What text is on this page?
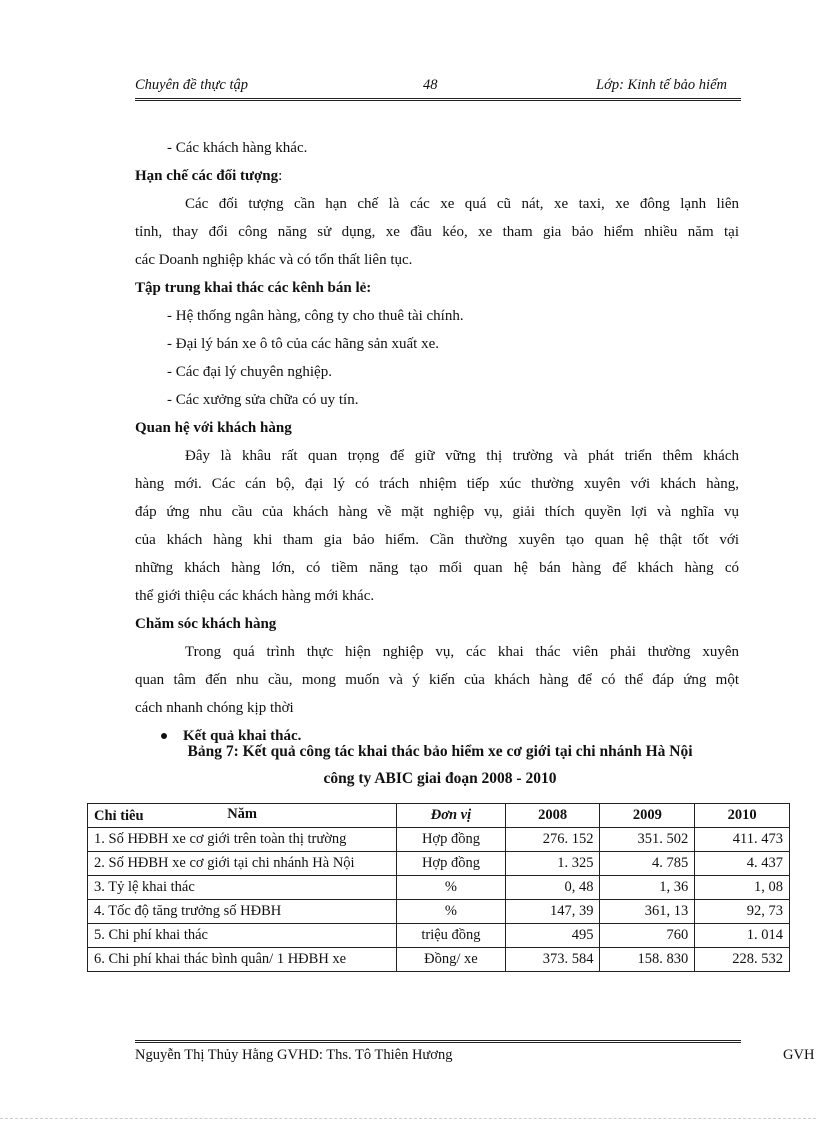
Chuyên đề thực tập	48	Lớp: Kinh tế bảo hiểm
- Các khách hàng khác.
Hạn chế các đối tượng:
Các đối tượng cần hạn chế là các xe quá cũ nát, xe taxi, xe đông lạnh liên
tỉnh, thay đổi công năng sử dụng, xe đầu kéo, xe tham gia bảo hiểm nhiều năm tại
các Doanh nghiệp khác và có tổn thất liên tục.
Tập trung khai thác các kênh bán lẻ:
- Hệ thống ngân hàng, công ty cho thuê tài chính.
- Đại lý bán xe ô tô của các hãng sản xuất xe.
- Các đại lý chuyên nghiệp.
- Các xưởng sửa chữa có uy tín.
Quan hệ với khách hàng
Đây là khâu rất quan trọng để giữ vững thị trường và phát triển thêm khách
hàng mới. Các cán bộ, đại lý có trách nhiệm tiếp xúc thường xuyên với khách hàng,
đáp ứng nhu cầu của khách hàng về mặt nghiệp vụ, giải thích quyền lợi và nghĩa vụ
của khách hàng khi tham gia bảo hiểm. Cần thường xuyên tạo quan hệ thật tốt với
những khách hàng lớn, có tiềm năng tạo mối quan hệ bán hàng để khách hàng có
thể giới thiệu các khách hàng mới khác.
Chăm sóc khách hàng
Trong quá trình thực hiện nghiệp vụ, các khai thác viên phải thường xuyên
quan tâm đến nhu cầu, mong muốn và ý kiến của khách hàng để có thể đáp ứng một
cách nhanh chóng kịp thời
Kết quả khai thác.
Bảng 7: Kết quả công tác khai thác bảo hiểm xe cơ giới tại chi nhánh Hà Nội
công ty ABIC giai đoạn 2008 - 2010
Năm
Chỉ tiêu	Đơn vị	2008	2009	2010
1. Số HĐBH xe cơ giới trên toàn thị trường	Hợp đồng	276. 152	351. 502	411. 473
2. Số HĐBH xe cơ giới tại chi nhánh Hà Nội	Hợp đồng	1. 325	4. 785	4. 437
3. Tỷ lệ khai thác	%	0, 48	1, 36	1, 08
4. Tốc độ tăng trưởng số HĐBH	%	147, 39	361, 13	92, 73
5. Chi phí khai thác	triệu đồng	495	760	1. 014
6. Chi phí khai thác bình quân/ 1 HĐBH xe	Đồng/ xe	373. 584	158. 830	228. 532
Nguyễn Thị Thủy Hằng GVHD: Ths. Tô Thiên Hương	GVH
